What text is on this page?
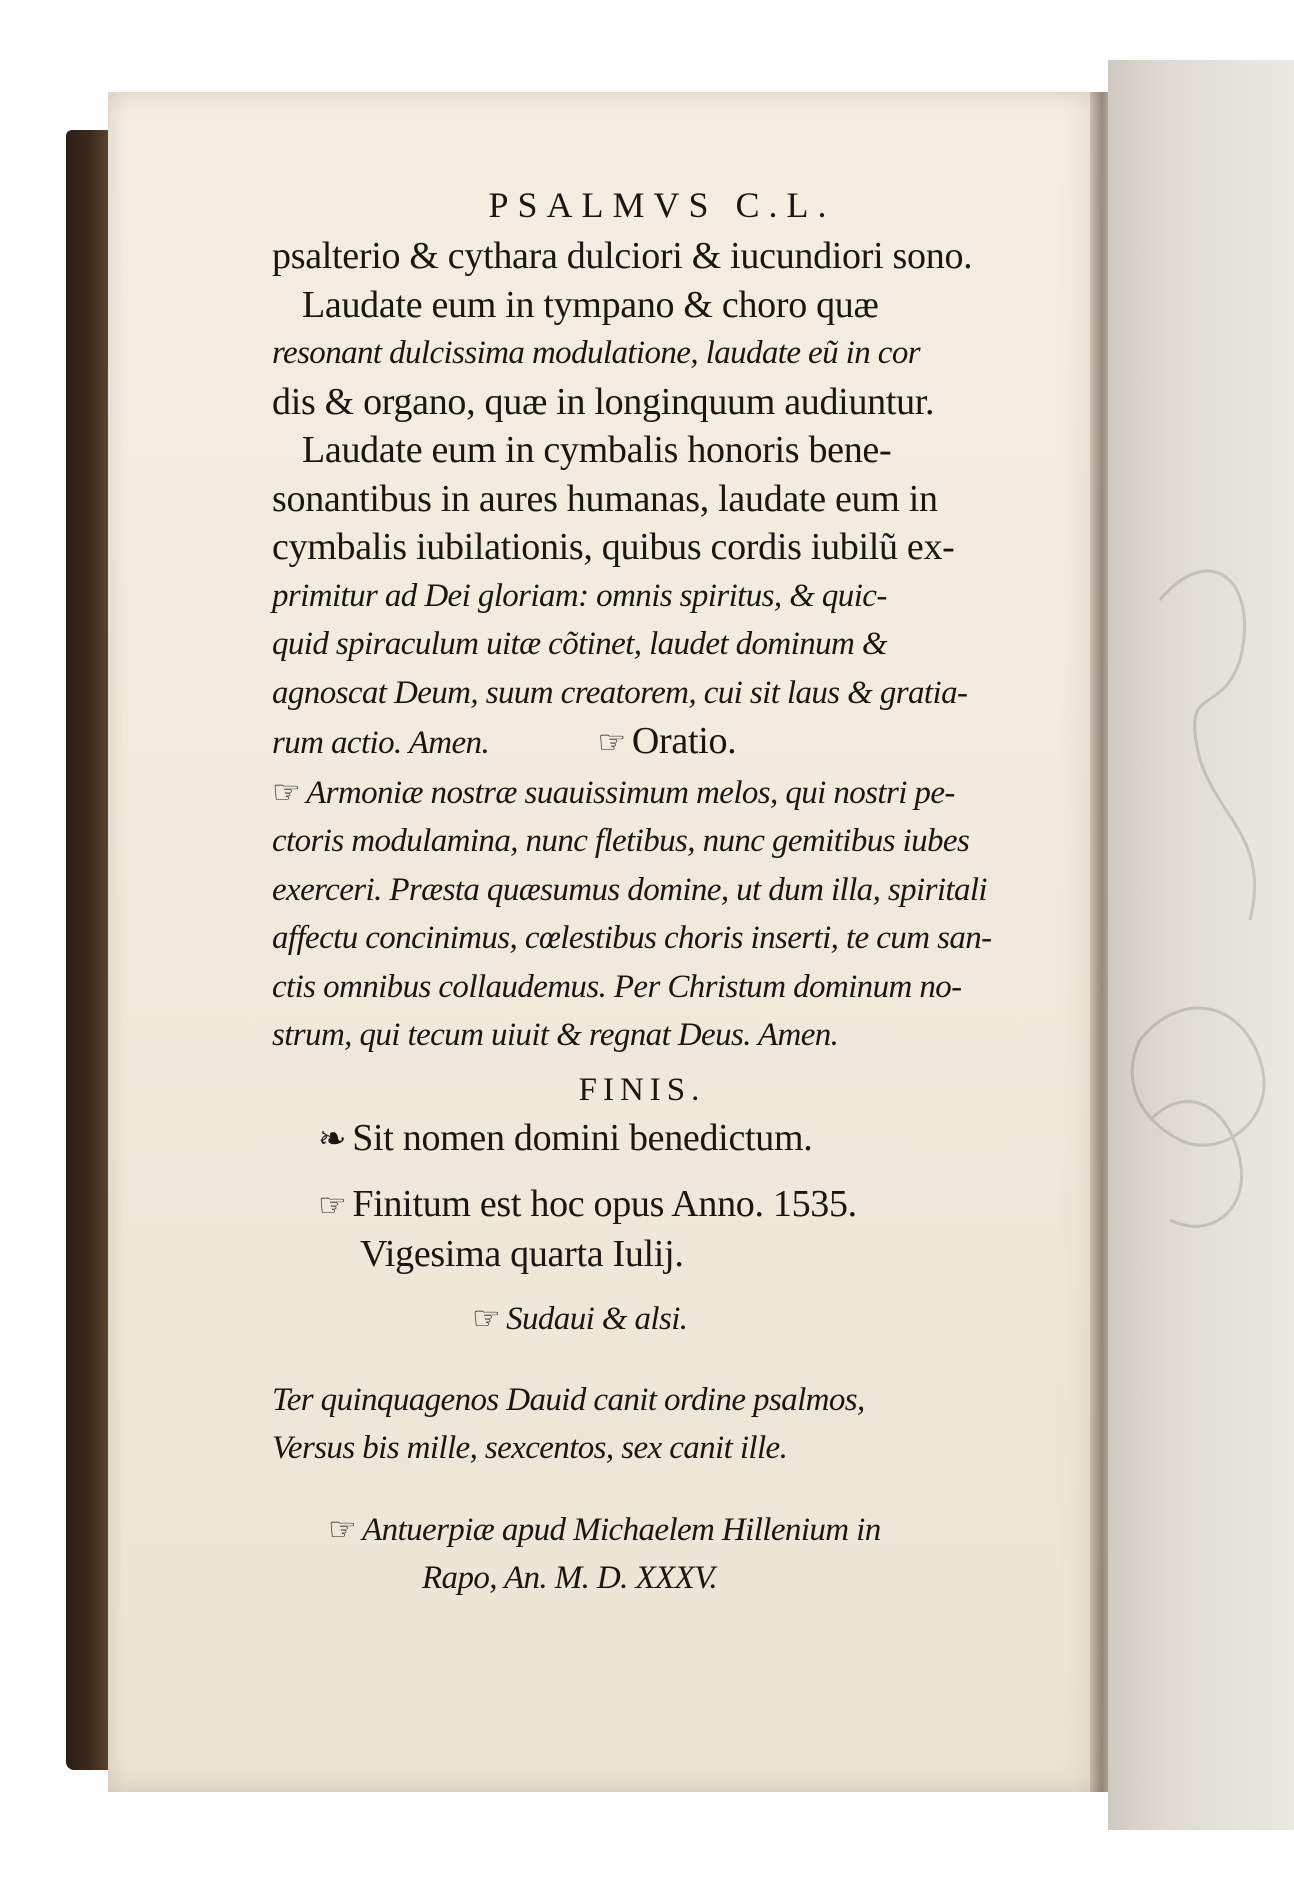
PSALMVS C.L.
psalterio & cythara dulciori & iucundiori sono.
Laudate eum in tympano & choro quæ
resonant dulcissima modulatione, laudate eũ in cor
dis & organo, quæ in longinquum audiuntur.
Laudate eum in cymbalis honoris bene-
sonantibus in aures humanas, laudate eum in
cymbalis iubilationis, quibus cordis iubilũ ex-
primitur ad Dei gloriam: omnis spiritus, & quic-
quid spiraculum uitæ cõtinet, laudet dominum &
agnoscat Deum, suum creatorem, cui sit laus & gratia-
rum actio. Amen.	☞ Oratio.
☞ Armoniæ nostræ suauissimum melos, qui nostri pe-
ctoris modulamina, nunc fletibus, nunc gemitibus iubes
exerceri. Præsta quæsumus domine, ut dum illa, spiritali
affectu concinimus, cœlestibus choris inserti, te cum san-
ctis omnibus collaudemus. Per Christum dominum no-
strum, qui tecum uiuit & regnat Deus. Amen.
FINIS.
❧ Sit nomen domini benedictum.
☞ Finitum est hoc opus Anno. 1535.
Vigesima quarta Iulij.
☞ Sudaui & alsi.
Ter quinquagenos Dauid canit ordine psalmos,
Versus bis mille, sexcentos, sex canit ille.
☞ Antuerpiæ apud Michaelem Hillenium in
Rapo, An. M. D. XXXV.
